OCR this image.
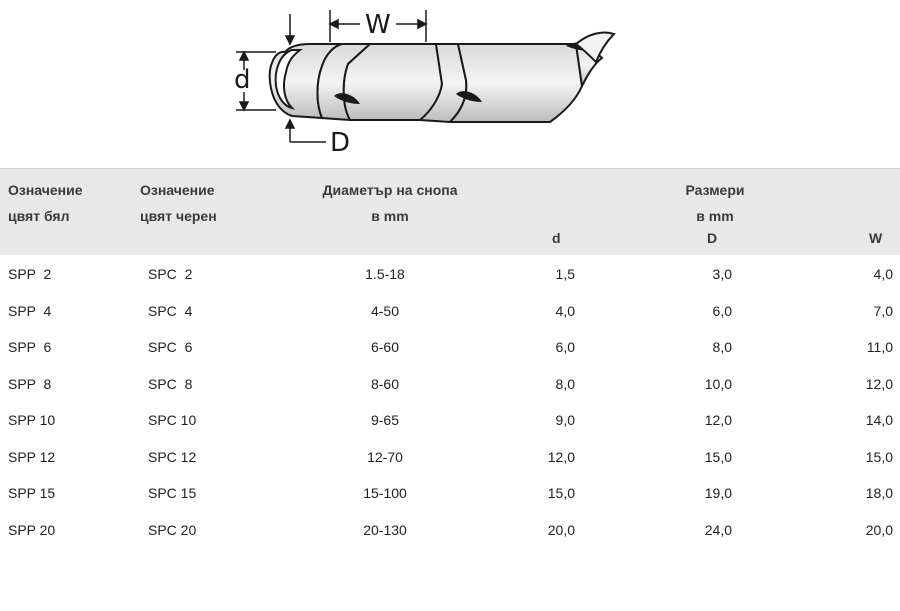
W
d
D
Означение
цвят бял
Означение
цвят черен
Диаметър на снопа
в mm
Размери
в mm
d	D	W
SPP  2	SPC  2	1.5-18	1,5	3,0	4,0
SPP  4	SPC  4	4-50	4,0	6,0	7,0
SPP  6	SPC  6	6-60	6,0	8,0	11,0
SPP  8	SPC  8	8-60	8,0	10,0	12,0
SPP 10	SPC 10	9-65	9,0	12,0	14,0
SPP 12	SPC 12	12-70	12,0	15,0	15,0
SPP 15	SPC 15	15-100	15,0	19,0	18,0
SPP 20	SPC 20	20-130	20,0	24,0	20,0
